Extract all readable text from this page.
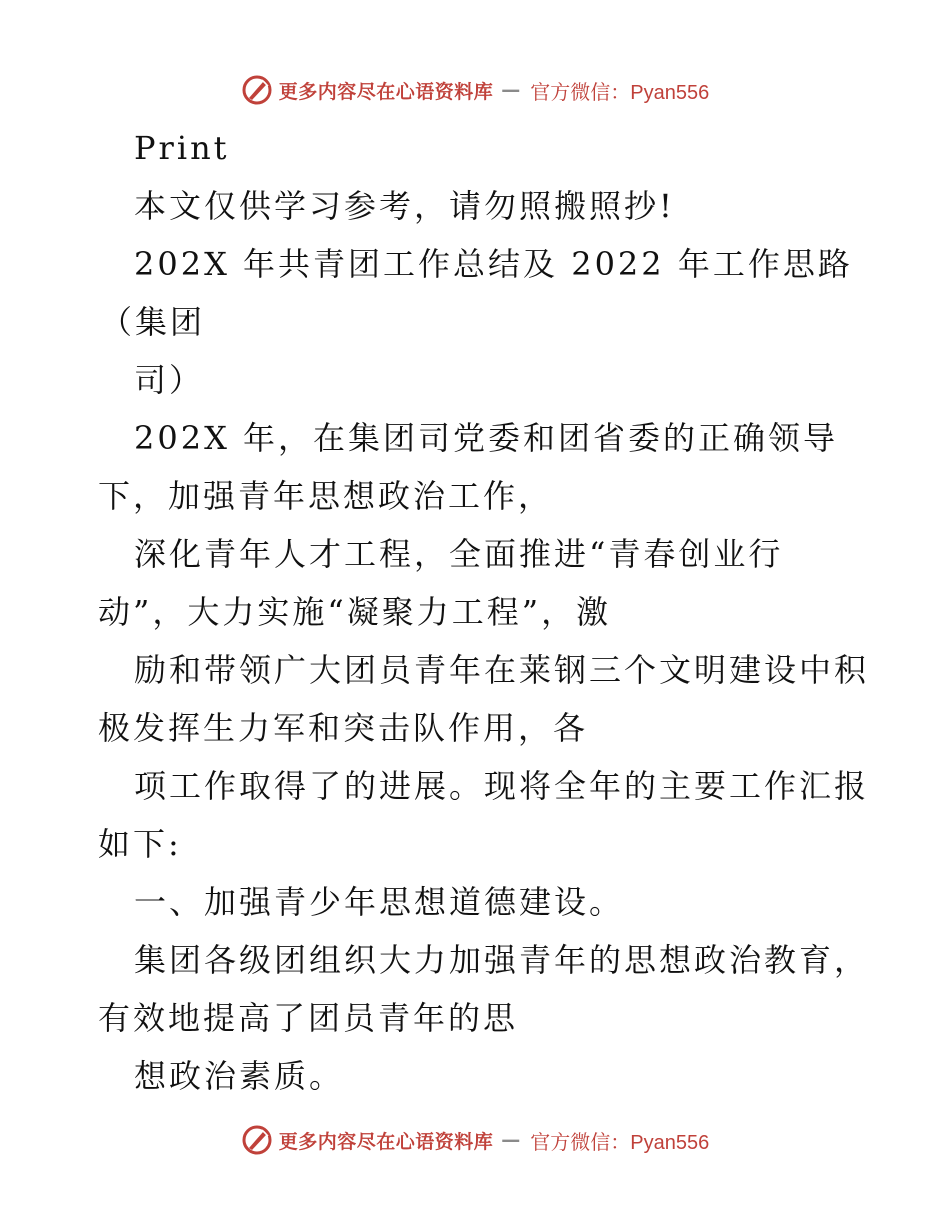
更多内容尽在心语资料库 — 官方微信：Pyan556
Print
本文仅供学习参考，请勿照搬照抄!
202X 年共青团工作总结及 2022 年工作思路
（集团
司）
202X 年，在集团司党委和团省委的正确领导
下，加强青年思想政治工作，
深化青年人才工程，全面推进“青春创业行
动”，大力实施“凝聚力工程”，激
励和带领广大团员青年在莱钢三个文明建设中积
极发挥生力军和突击队作用，各
项工作取得了的进展。现将全年的主要工作汇报
如下:
一、加强青少年思想道德建设。
集团各级团组织大力加强青年的思想政治教育，
有效地提高了团员青年的思
想政治素质。
更多内容尽在心语资料库 — 官方微信：Pyan556
